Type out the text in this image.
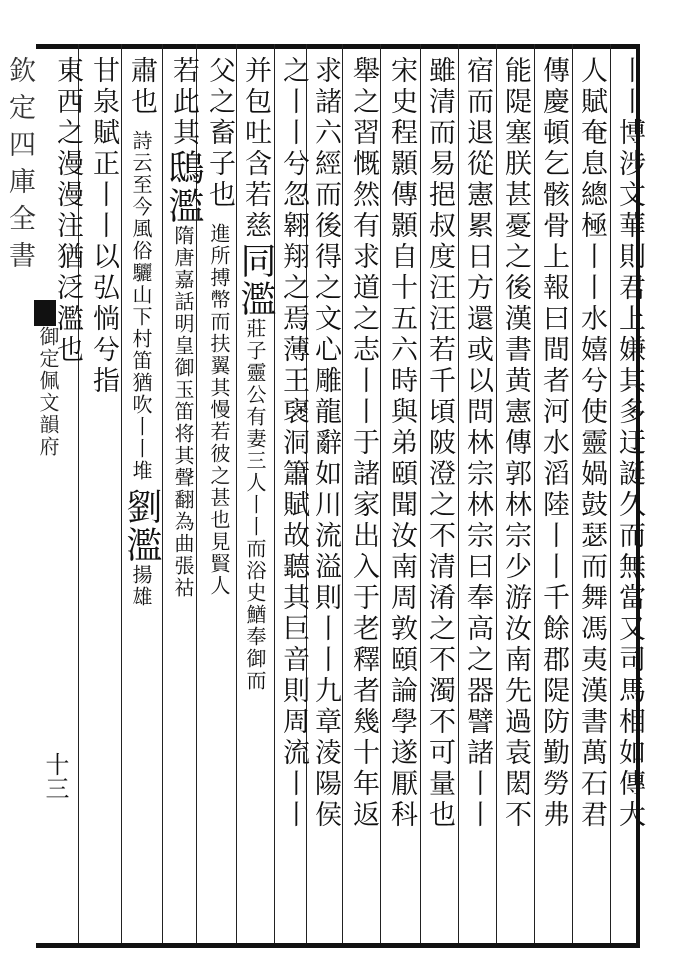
欽定四庫全書
御定佩文韻府
十三	丨丨博涉文華則君上嫌其多迂誕久而無當又司馬相如傳大
人賦奄息總極丨丨水嬉兮使靈媧鼓瑟而舞馮夷漢書萬石君
傳慶頓乞骸骨上報曰間者河水滔陸丨丨千餘郡隄防勤勞弗
能隄塞朕甚憂之後漢書黄憲傳郭林宗少游汝南先過袁閎不
宿而退從憲累日方還或以問林宗林宗曰奉高之器譬諸丨丨
雖清而易挹叔度汪汪若千頃陂澄之不清淆之不濁不可量也
宋史程顥傳顥自十五六時與弟頤聞汝南周敦頤論學遂厭科
舉之習慨然有求道之志丨丨于諸家出入于老釋者幾十年返
求諸六經而後得之文心雕龍辭如川流溢則丨丨九章淩陽侯
之丨丨兮忽翱翔之焉薄王襃洞簫賦故聽其巨音則周流丨丨
并包吐含若慈同濫莊子靈公有妻三人丨丨而浴史鰌奉御而
父之畜子也進所搏幣而扶翼其慢若彼之甚也見賢人
若此其鴟濫隋唐嘉話明皇御玉笛将其聲翻為曲張祜
肅也詩云至今風俗驪山下村笛猶吹丨丨堆劉濫揚雄
甘泉賦正丨丨以弘惝兮指
東西之漫漫注猶泛濫也
